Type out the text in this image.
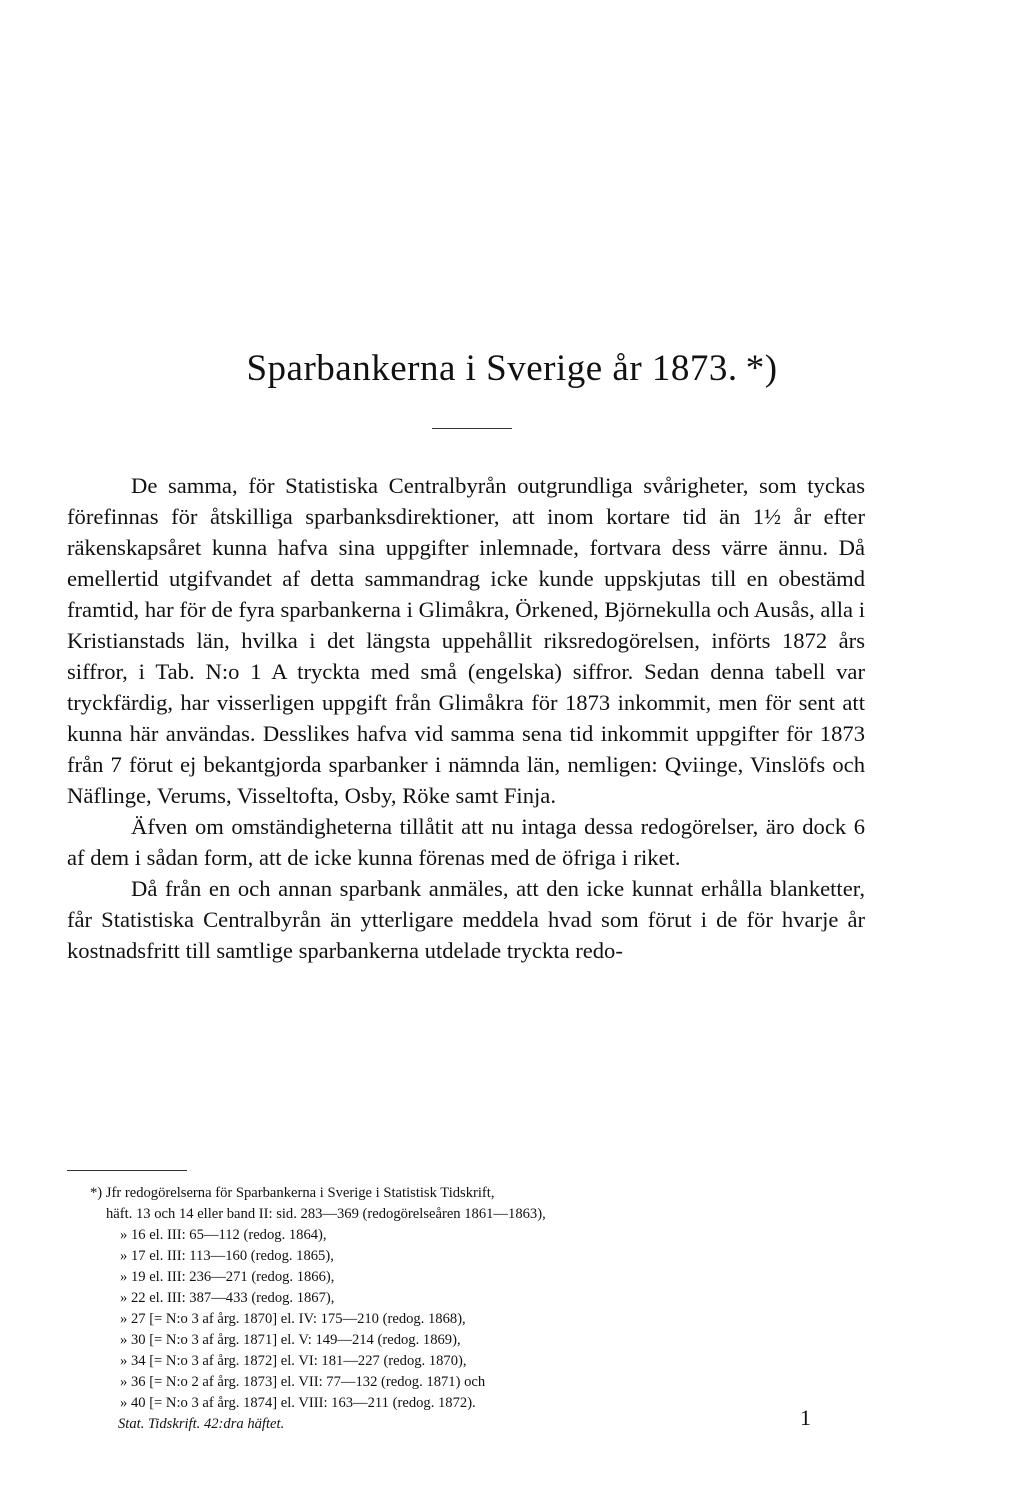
Sparbankerna i Sverige år 1873. *)

De samma, för Statistiska Centralbyrån outgrundliga svårigheter, som tyckas förefinnas för åtskilliga sparbanksdirektioner, att inom kortare tid än 1½ år efter räkenskapsåret kunna hafva sina uppgifter inlemnade, fortvara dess värre ännu. Då emellertid utgifvandet af detta sammandrag icke kunde uppskjutas till en obestämd framtid, har för de fyra sparbankerna i Glimåkra, Örkened, Björnekulla och Ausås, alla i Kristianstads län, hvilka i det längsta uppehållit riksredogörelsen, införts 1872 års siffror, i Tab. N:o 1 A tryckta med små (engelska) siffror. Sedan denna tabell var tryckfärdig, har visserligen uppgift från Glimåkra för 1873 inkommit, men för sent att kunna här användas. Desslikes hafva vid samma sena tid inkommit uppgifter för 1873 från 7 förut ej bekantgjorda sparbanker i nämnda län, nemligen: Qviinge, Vinslöfs och Näflinge, Verums, Visseltofta, Osby, Röke samt Finja.

Äfven om omständigheterna tillåtit att nu intaga dessa redogörelser, äro dock 6 af dem i sådan form, att de icke kunna förenas med de öfriga i riket.

Då från en och annan sparbank anmäles, att den icke kunnat erhålla blanketter, får Statistiska Centralbyrån än ytterligare meddela hvad som förut i de för hvarje år kostnadsfritt till samtlige sparbankerna utdelade tryckta redo-

*) Jfr redogörelserna för Sparbankerna i Sverige i Statistisk Tidskrift,
häft. 13 och 14 eller band II: sid. 283—369 (redogörelseåren 1861—1863),
» 16 el. III: 65—112 (redog. 1864),
» 17 el. III: 113—160 (redog. 1865),
» 19 el. III: 236—271 (redog. 1866),
» 22 el. III: 387—433 (redog. 1867),
» 27 [= N:o 3 af årg. 1870] el. IV: 175—210 (redog. 1868),
» 30 [= N:o 3 af årg. 1871] el. V: 149—214 (redog. 1869),
» 34 [= N:o 3 af årg. 1872] el. VI: 181—227 (redog. 1870),
» 36 [= N:o 2 af årg. 1873] el. VII: 77—132 (redog. 1871) och
» 40 [= N:o 3 af årg. 1874] el. VIII: 163—211 (redog. 1872).
Stat. Tidskrift. 42:dra häftet.	1
